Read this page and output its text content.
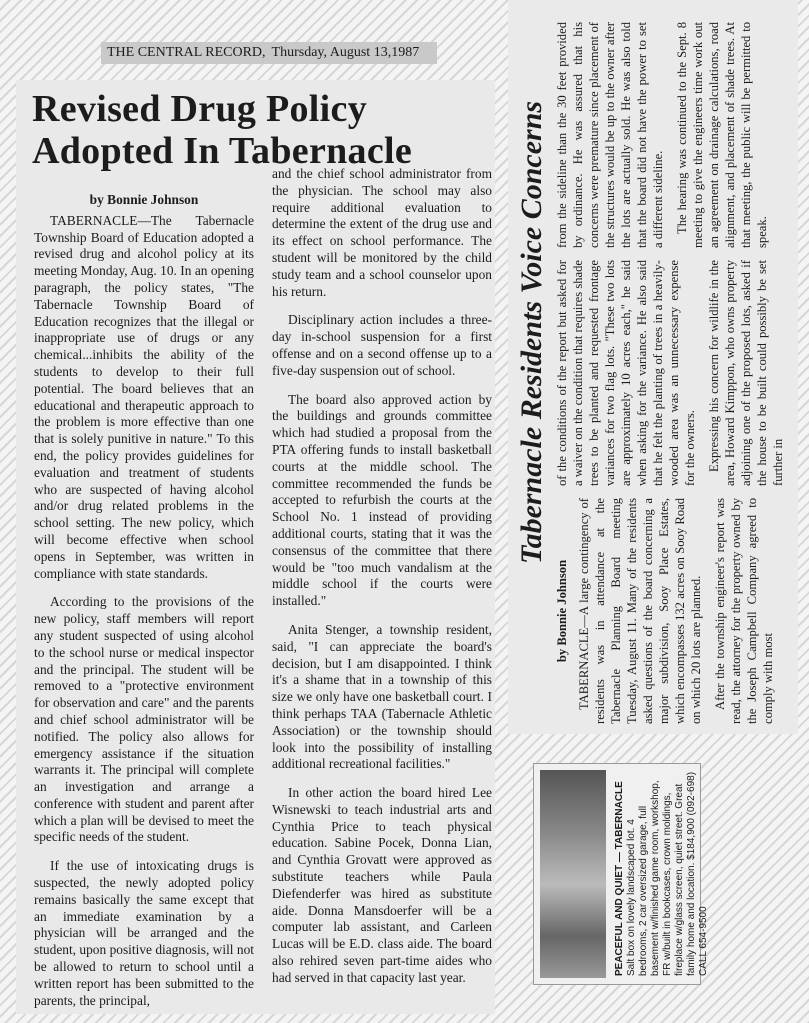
THE CENTRAL RECORD, Thursday, August 13,1987
Revised Drug Policy Adopted In Tabernacle
by Bonnie Johnson

TABERNACLE—The Tabernacle Township Board of Education adopted a revised drug and alcohol policy at its meeting Monday, Aug. 10. In an opening paragraph, the policy states, "The Tabernacle Township Board of Education recognizes that the illegal or inappropriate use of drugs or any chemical...inhibits the ability of the students to develop to their full potential. The board believes that an educational and therapeutic approach to the problem is more effective than one that is solely punitive in nature." To this end, the policy provides guidelines for evaluation and treatment of students who are suspected of having alcohol and/or drug related problems in the school setting. The new policy, which will become effective when school opens in September, was written in compliance with state standards.

According to the provisions of the new policy, staff members will report any student suspected of using alcohol to the school nurse or medical inspector and the principal. The student will be removed to a "protective environment for observation and care" and the parents and chief school administrator will be notified. The policy also allows for emergency assistance if the situation warrants it. The principal will complete an investigation and arrange a conference with student and parent after which a plan will be devised to meet the specific needs of the student.

If the use of intoxicating drugs is suspected, the newly adopted policy remains basically the same except that an immediate examination by a physician will be arranged and the student, upon positive diagnosis, will not be allowed to return to school until a written report has been submitted to the parents, the principal,

and the chief school administrator from the physician. The school may also require additional evaluation to determine the extent of the drug use and its effect on school performance. The student will be monitored by the child study team and a school counselor upon his return.

Disciplinary action includes a three-day in-school suspension for a first offense and on a second offense up to a five-day suspension out of school.

The board also approved action by the buildings and grounds committee which had studied a proposal from the PTA offering funds to install basketball courts at the middle school. The committee recommended the funds be accepted to refurbish the courts at the School No. 1 instead of providing additional courts, stating that it was the consensus of the committee that there would be "too much vandalism at the middle school if the courts were installed."

Anita Stenger, a township resident, said, "I can appreciate the board's decision, but I am disappointed. I think it's a shame that in a township of this size we only have one basketball court. I think perhaps TAA (Tabernacle Athletic Association) or the township should look into the possibility of installing additional recreational facilities."

In other action the board hired Lee Wisnewski to teach industrial arts and Cynthia Price to teach physical education. Sabine Pocek, Donna Lian, and Cynthia Grovatt were approved as substitute teachers while Paula Diefenderfer was hired as substitute aide. Donna Mansdoerfer will be a computer lab assistant, and Carleen Lucas will be E.D. class aide. The board also rehired seven part-time aides who had served in that capacity last year.

Tabernacle Residents Voice Concerns
by Bonnie Johnson TABERNACLE—A large contingency of residents was in attendance at the Tabernacle Planning Board meeting Tuesday, August 11. Many of the residents asked questions of the board concerning a major subdivision, Sooy Place Estates, which encompasses 132 acres on Sooy Road on which 20 lots are planned. After the township engineer's report was read, the attorney for the property owned by the Joseph Campbell Company agreed to comply with most

of the conditions of the report but asked for a waiver on the condition that requires shade trees to be planted and requested frontage variances for two flag lots. "These two lots are approximately 10 acres each," he said when asking for the variance. He also said that he felt the planting of trees in a heavily-wooded area was an unnecessary expense for the owners. Expressing his concern for wildlife in the area, Howard Kimppon, who owns property adjoining one of the proposed lots, asked if the house to be built could possibly be set further in

from the sideline than the 30 feet provided by ordinance. He was assured that his concerns were premature since placement of the structures would be up to the owner after the lots are actually sold. He was also told that the board did not have the power to set a different sideline. The hearing was continued to the Sept. 8 meeting to give the engineers time work out an agreement on drainage calculations, road alignment, and placement of shade trees. At that meeting, the public will be permitted to speak.

PEACEFUL AND QUIET — TABERNACLE Salt box on lovely landscaped lot. 4 bedrooms, 2 car oversized garage, full basement w/finished game room, workshop, FR w/built in bookcases, crown moldings, fireplace w/glass screen, quiet street. Great family home and location. $184,900 (092-698) CALL 654-9500
